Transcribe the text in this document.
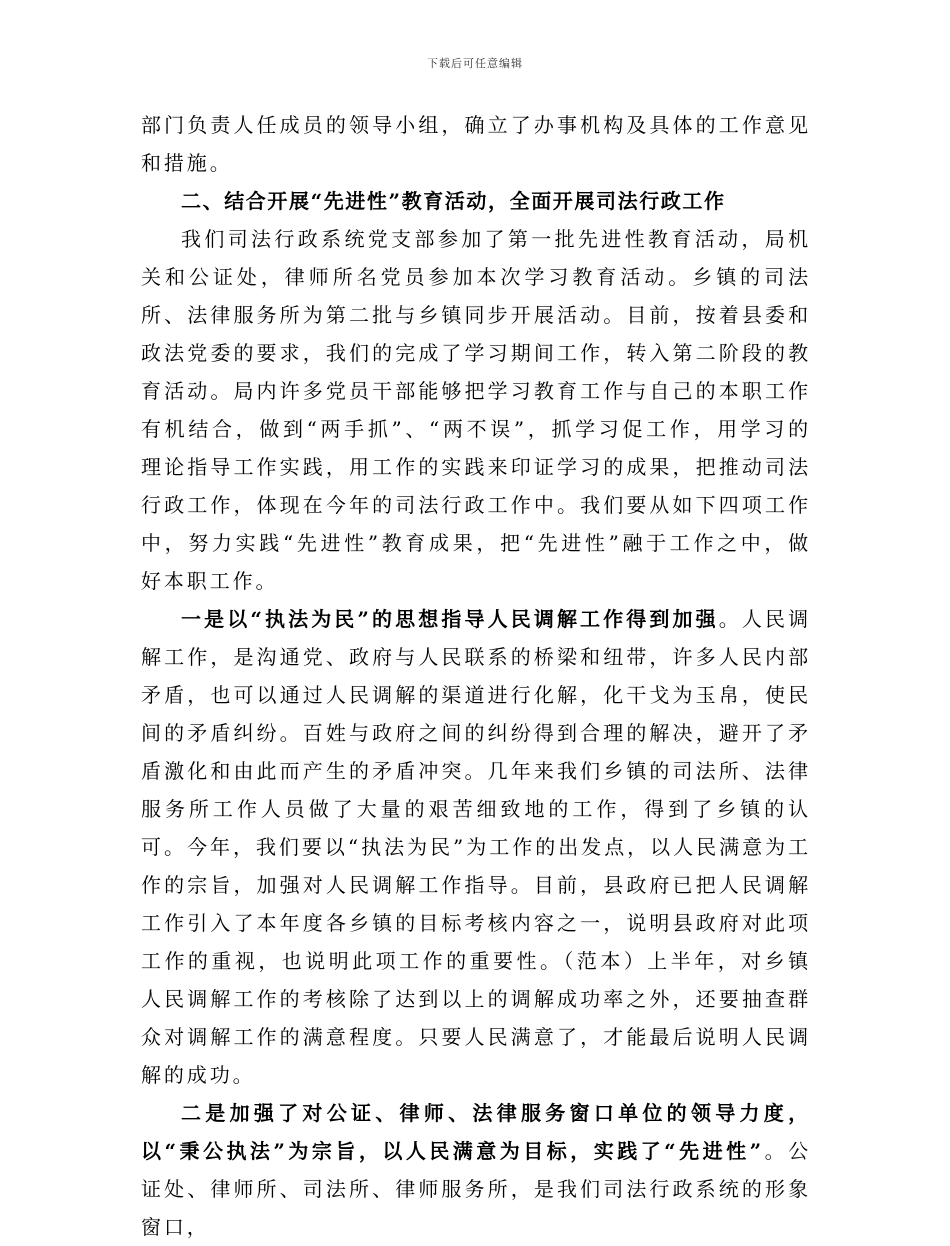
下载后可任意编辑

部门负责人任成员的领导小组，确立了办事机构及具体的工作意见和措施。

二、结合开展“先进性”教育活动，全面开展司法行政工作

我们司法行政系统党支部参加了第一批先进性教育活动，局机关和公证处，律师所名党员参加本次学习教育活动。乡镇的司法所、法律服务所为第二批与乡镇同步开展活动。目前，按着县委和政法党委的要求，我们的完成了学习期间工作，转入第二阶段的教育活动。局内许多党员干部能够把学习教育工作与自己的本职工作有机结合，做到“两手抓”、“两不误”，抓学习促工作，用学习的理论指导工作实践，用工作的实践来印证学习的成果，把推动司法行政工作，体现在今年的司法行政工作中。我们要从如下四项工作中，努力实践“先进性”教育成果，把“先进性”融于工作之中，做好本职工作。

一是以“执法为民”的思想指导人民调解工作得到加强。人民调解工作，是沟通党、政府与人民联系的桥梁和纽带，许多人民内部矛盾，也可以通过人民调解的渠道进行化解，化干戈为玉帛，使民间的矛盾纠纷。百姓与政府之间的纠纷得到合理的解决，避开了矛盾激化和由此而产生的矛盾冲突。几年来我们乡镇的司法所、法律服务所工作人员做了大量的艰苦细致地的工作，得到了乡镇的认可。今年，我们要以“执法为民”为工作的出发点，以人民满意为工作的宗旨，加强对人民调解工作指导。目前，县政府已把人民调解工作引入了本年度各乡镇的目标考核内容之一，说明县政府对此项工作的重视，也说明此项工作的重要性。（范本）上半年，对乡镇人民调解工作的考核除了达到以上的调解成功率之外，还要抽查群众对调解工作的满意程度。只要人民满意了，才能最后说明人民调解的成功。

二是加强了对公证、律师、法律服务窗口单位的领导力度，以“秉公执法”为宗旨，以人民满意为目标，实践了“先进性”。公证处、律师所、司法所、律师服务所，是我们司法行政系统的形象窗口，
